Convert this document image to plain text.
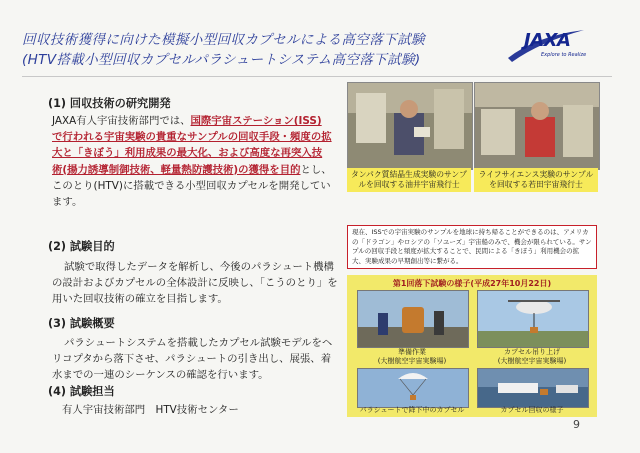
回収技術獲得に向けた模擬小型回収カプセルによる高空落下試験
(HTV搭載小型回収カプセルパラシュートシステム高空落下試験)
JAXA
Explore to Realize
(1) 回収技術の研究開発
JAXA有人宇宙技術部門では、国際宇宙ステーション(ISS)で行われる宇宙実験の貴重なサンプルの回収手段・頻度の拡大と「きぼう」利用成果の最大化、および高度な再突入技術(揚力誘導制御技術、軽量熱防護技術)の獲得を目的とし、このとり(HTV)に搭載できる小型回収カプセルを開発しています。
(2) 試験目的
試験で取得したデータを解析し、今後のパラシュート機構の設計およびカプセルの全体設計に反映し、「こうのとり」を用いた回収技術の確立を目指します。
(3) 試験概要
パラシュートシステムを搭載したカプセル試験モデルをヘリコプタから落下させ、パラシュートの引き出し、展張、着水までの一連のシーケンスの確認を行います。
(4) 試験担当
有人宇宙技術部門　HTV技術センター
タンパク質結晶生成実験のサンプルを回収する油井宇宙飛行士
ライフサイエンス実験のサンプルを回収する若田宇宙飛行士
現在、ISSでの宇宙実験のサンプルを地球に持ち帰ることができるのは、アメリカの「ドラゴン」やロシアの「ソユーズ」宇宙船のみで、機会が限られている。サンプルの回収手段と頻度が拡大することで、民間による「きぼう」利用機会の拡大、実験成果の早期創出等に繋がる。
第1回落下試験の様子(平成27年10月22日)
準備作業
(大樹航空宇宙実験場)
カプセル吊り上げ
(大樹航空宇宙実験場)
パラシュートで降下中のカプセル	カプセル回収の様子
9
